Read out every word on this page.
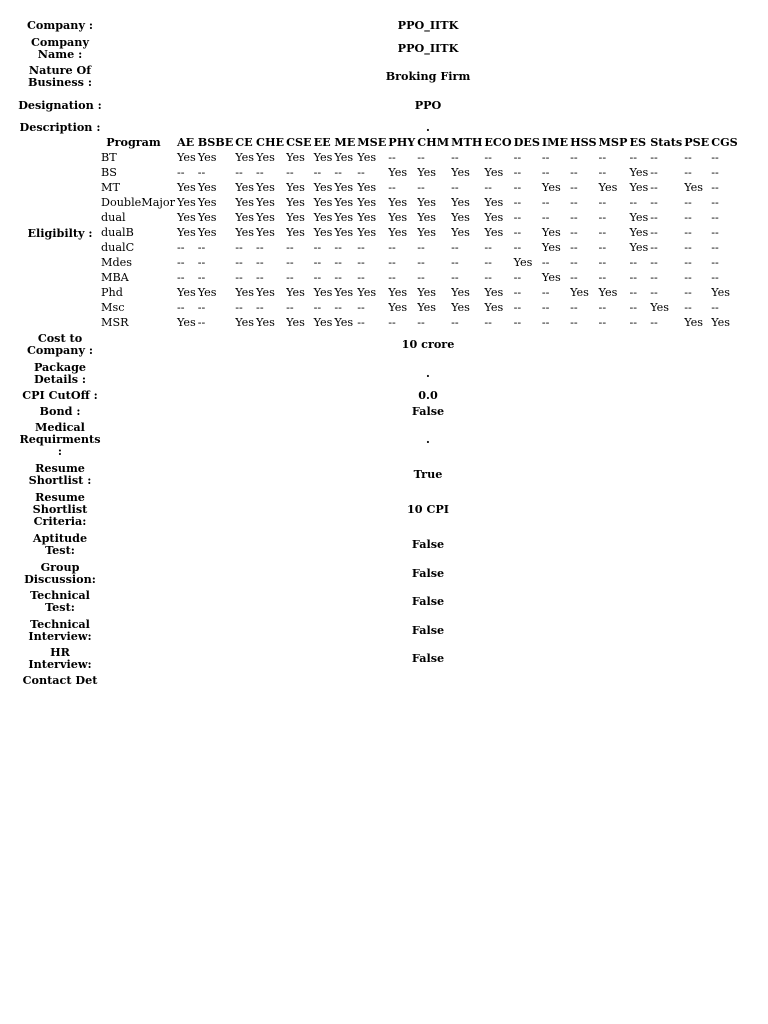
Company :	PPO_IITK
Company Name :	PPO_IITK
Nature Of Business :	Broking Firm
Designation :	PPO
Description :	.
Eligibilty :	
Program	AE	BSBE	CE	CHE	CSE	EE	ME	MSE	PHY	CHM	MTH	ECO	DES	IME	HSS	MSP	ES	Stats	PSE	CGS
BT	Yes	Yes	Yes	Yes	Yes	Yes	Yes	Yes	--	--	--	--	--	--	--	--	--	--	--	--
BS	--	--	--	--	--	--	--	--	Yes	Yes	Yes	Yes	--	--	--	--	Yes	--	--	--
MT	Yes	Yes	Yes	Yes	Yes	Yes	Yes	Yes	--	--	--	--	--	Yes	--	Yes	Yes	--	Yes	--
DoubleMajor	Yes	Yes	Yes	Yes	Yes	Yes	Yes	Yes	Yes	Yes	Yes	Yes	--	--	--	--	--	--	--	--
dual	Yes	Yes	Yes	Yes	Yes	Yes	Yes	Yes	Yes	Yes	Yes	Yes	--	--	--	--	Yes	--	--	--
dualB	Yes	Yes	Yes	Yes	Yes	Yes	Yes	Yes	Yes	Yes	Yes	Yes	--	Yes	--	--	Yes	--	--	--
dualC	--	--	--	--	--	--	--	--	--	--	--	--	--	Yes	--	--	Yes	--	--	--
Mdes	--	--	--	--	--	--	--	--	--	--	--	--	Yes	--	--	--	--	--	--	--
MBA	--	--	--	--	--	--	--	--	--	--	--	--	--	Yes	--	--	--	--	--	--
Phd	Yes	Yes	Yes	Yes	Yes	Yes	Yes	Yes	Yes	Yes	Yes	Yes	--	--	Yes	Yes	--	--	--	Yes
Msc	--	--	--	--	--	--	--	--	Yes	Yes	Yes	Yes	--	--	--	--	--	Yes	--	--
MSR	Yes	--	Yes	Yes	Yes	Yes	Yes	--	--	--	--	--	--	--	--	--	--	--	Yes	Yes

Cost to Company :	10 crore
Package Details :	.
CPI CutOff :	0.0
Bond :	False
Medical Requirments :	.
Resume Shortlist :	True
Resume Shortlist Criteria:	10 CPI
Aptitude Test:	False
Group Discussion:	False
Technical Test:	False
Technical Interview:	False
HR Interview:	False
Contact Det	
